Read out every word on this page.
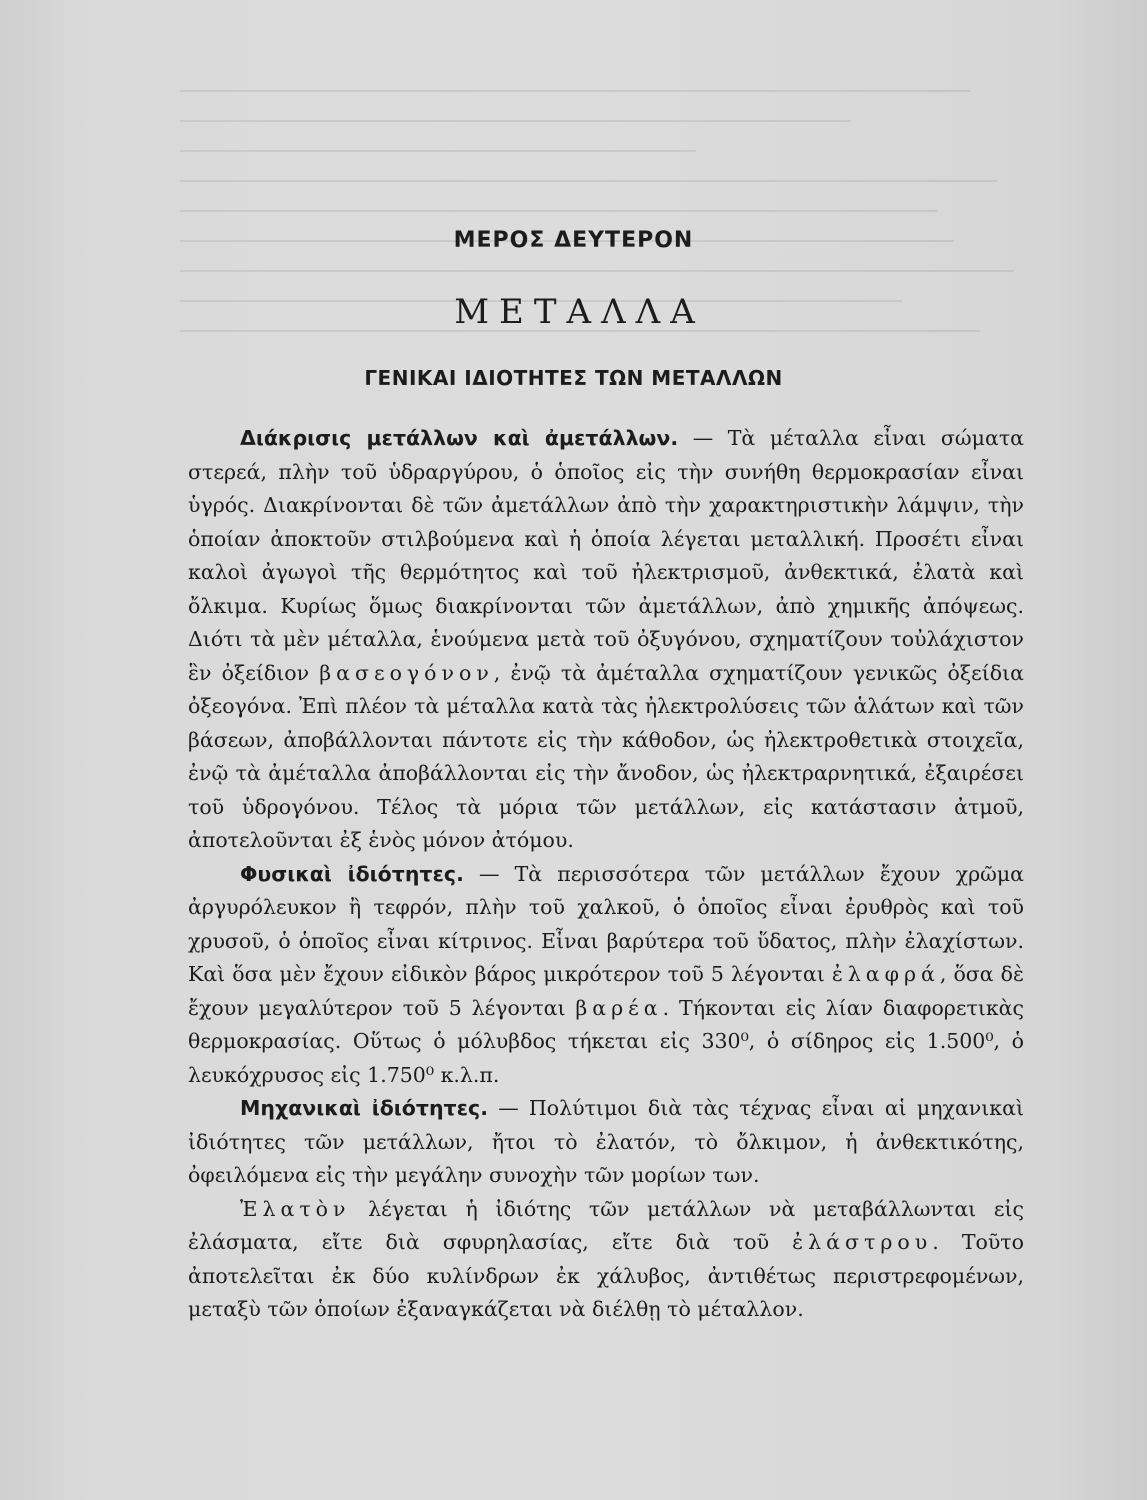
ΜΕΡΟΣ ΔΕΥΤΕΡΟΝ
ΜΕΤΑΛΛΑ
ΓΕΝΙΚΑΙ ΙΔΙΟΤΗΤΕΣ ΤΩΝ ΜΕΤΑΛΛΩΝ

Διάκρισις μετάλλων καὶ ἀμετάλλων. — Τὰ μέταλλα εἶναι σώματα στερεά, πλὴν τοῦ ὑδραργύρου, ὁ ὁποῖος εἰς τὴν συνήθη θερμοκρασίαν εἶναι ὑγρός. Διακρίνονται δὲ τῶν ἀμετάλλων ἀπὸ τὴν χαρακτηριστικὴν λάμψιν, τὴν ὁποίαν ἀποκτοῦν στιλβούμενα καὶ ἡ ὁποία λέγεται μεταλλική. Προσέτι εἶναι καλοὶ ἀγωγοὶ τῆς θερμότητος καὶ τοῦ ἠλεκτρισμοῦ, ἀνθεκτικά, ἐλατὰ καὶ ὄλκιμα. Κυρίως ὅμως διακρίνονται τῶν ἀμετάλλων, ἀπὸ χημικῆς ἀπόψεως. Διότι τὰ μὲν μέταλλα, ἑνούμενα μετὰ τοῦ ὀξυγόνου, σχηματίζουν τοὐλάχιστον ἓν ὀξείδιον βασεογόνον, ἐνῷ τὰ ἀμέταλλα σχηματίζουν γενικῶς ὀξείδια ὀξεογόνα. Ἐπὶ πλέον τὰ μέταλλα κατὰ τὰς ἠλεκτρολύσεις τῶν ἁλάτων καὶ τῶν βάσεων, ἀποβάλλονται πάντοτε εἰς τὴν κάθοδον, ὡς ἠλεκτροθετικὰ στοιχεῖα, ἐνῷ τὰ ἀμέταλλα ἀποβάλλονται εἰς τὴν ἄνοδον, ὡς ἠλεκτραρνητικά, ἐξαιρέσει τοῦ ὑδρογόνου. Τέλος τὰ μόρια τῶν μετάλλων, εἰς κατάστασιν ἀτμοῦ, ἀποτελοῦνται ἐξ ἑνὸς μόνον ἀτόμου.

Φυσικαὶ ἰδιότητες. — Τὰ περισσότερα τῶν μετάλλων ἔχουν χρῶμα ἀργυρόλευκον ἢ τεφρόν, πλὴν τοῦ χαλκοῦ, ὁ ὁποῖος εἶναι ἐρυθρὸς καὶ τοῦ χρυσοῦ, ὁ ὁποῖος εἶναι κίτρινος. Εἶναι βαρύτερα τοῦ ὕδατος, πλὴν ἐλαχίστων. Καὶ ὅσα μὲν ἔχουν εἰδικὸν βάρος μικρότερον τοῦ 5 λέγονται ἐλαφρά, ὅσα δὲ ἔχουν μεγαλύτερον τοῦ 5 λέγονται βαρέα. Τήκονται εἰς λίαν διαφορετικὰς θερμοκρασίας. Οὕτως ὁ μόλυβδος τήκεται εἰς 330⁰, ὁ σίδηρος εἰς 1.500⁰, ὁ λευκόχρυσος εἰς 1.750⁰ κ.λ.π.

Μηχανικαὶ ἰδιότητες. — Πολύτιμοι διὰ τὰς τέχνας εἶναι αἱ μηχανικαὶ ἰδιότητες τῶν μετάλλων, ἤτοι τὸ ἐλατόν, τὸ ὄλκιμον, ἡ ἀνθεκτικότης, ὀφειλόμενα εἰς τὴν μεγάλην συνοχὴν τῶν μορίων των.

Ἐλατὸν λέγεται ἡ ἰδιότης τῶν μετάλλων νὰ μεταβάλλωνται εἰς ἐλάσματα, εἴτε διὰ σφυρηλασίας, εἴτε διὰ τοῦ ἐλάστρου. Τοῦτο ἀποτελεῖται ἐκ δύο κυλίνδρων ἐκ χάλυβος, ἀντιθέτως περιστρεφομένων, μεταξὺ τῶν ὁποίων ἐξαναγκάζεται νὰ διέλθῃ τὸ μέταλλον.
